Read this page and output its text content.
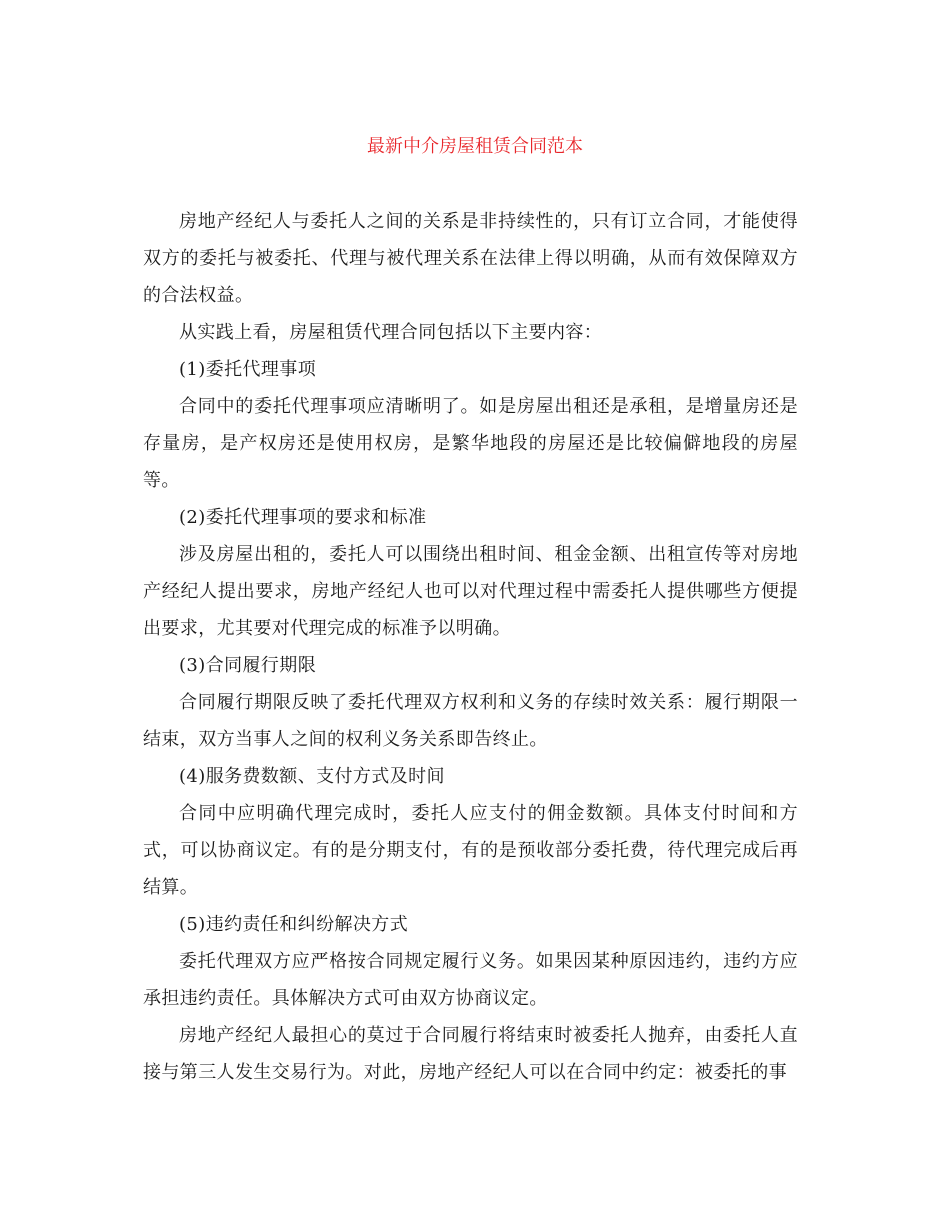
最新中介房屋租赁合同范本

房地产经纪人与委托人之间的关系是非持续性的，只有订立合同，才能使得双方的委托与被委托、代理与被代理关系在法律上得以明确，从而有效保障双方的合法权益。

从实践上看，房屋租赁代理合同包括以下主要内容：

(1)委托代理事项

合同中的委托代理事项应清晰明了。如是房屋出租还是承租，是增量房还是存量房，是产权房还是使用权房，是繁华地段的房屋还是比较偏僻地段的房屋等。

(2)委托代理事项的要求和标准

涉及房屋出租的，委托人可以围绕出租时间、租金金额、出租宣传等对房地产经纪人提出要求，房地产经纪人也可以对代理过程中需委托人提供哪些方便提出要求，尤其要对代理完成的标准予以明确。

(3)合同履行期限

合同履行期限反映了委托代理双方权利和义务的存续时效关系：履行期限一结束，双方当事人之间的权利义务关系即告终止。

(4)服务费数额、支付方式及时间

合同中应明确代理完成时，委托人应支付的佣金数额。具体支付时间和方式，可以协商议定。有的是分期支付，有的是预收部分委托费，待代理完成后再结算。

(5)违约责任和纠纷解决方式

委托代理双方应严格按合同规定履行义务。如果因某种原因违约，违约方应承担违约责任。具体解决方式可由双方协商议定。

房地产经纪人最担心的莫过于合同履行将结束时被委托人抛弃，由委托人直接与第三人发生交易行为。对此，房地产经纪人可以在合同中约定：被委托的事
